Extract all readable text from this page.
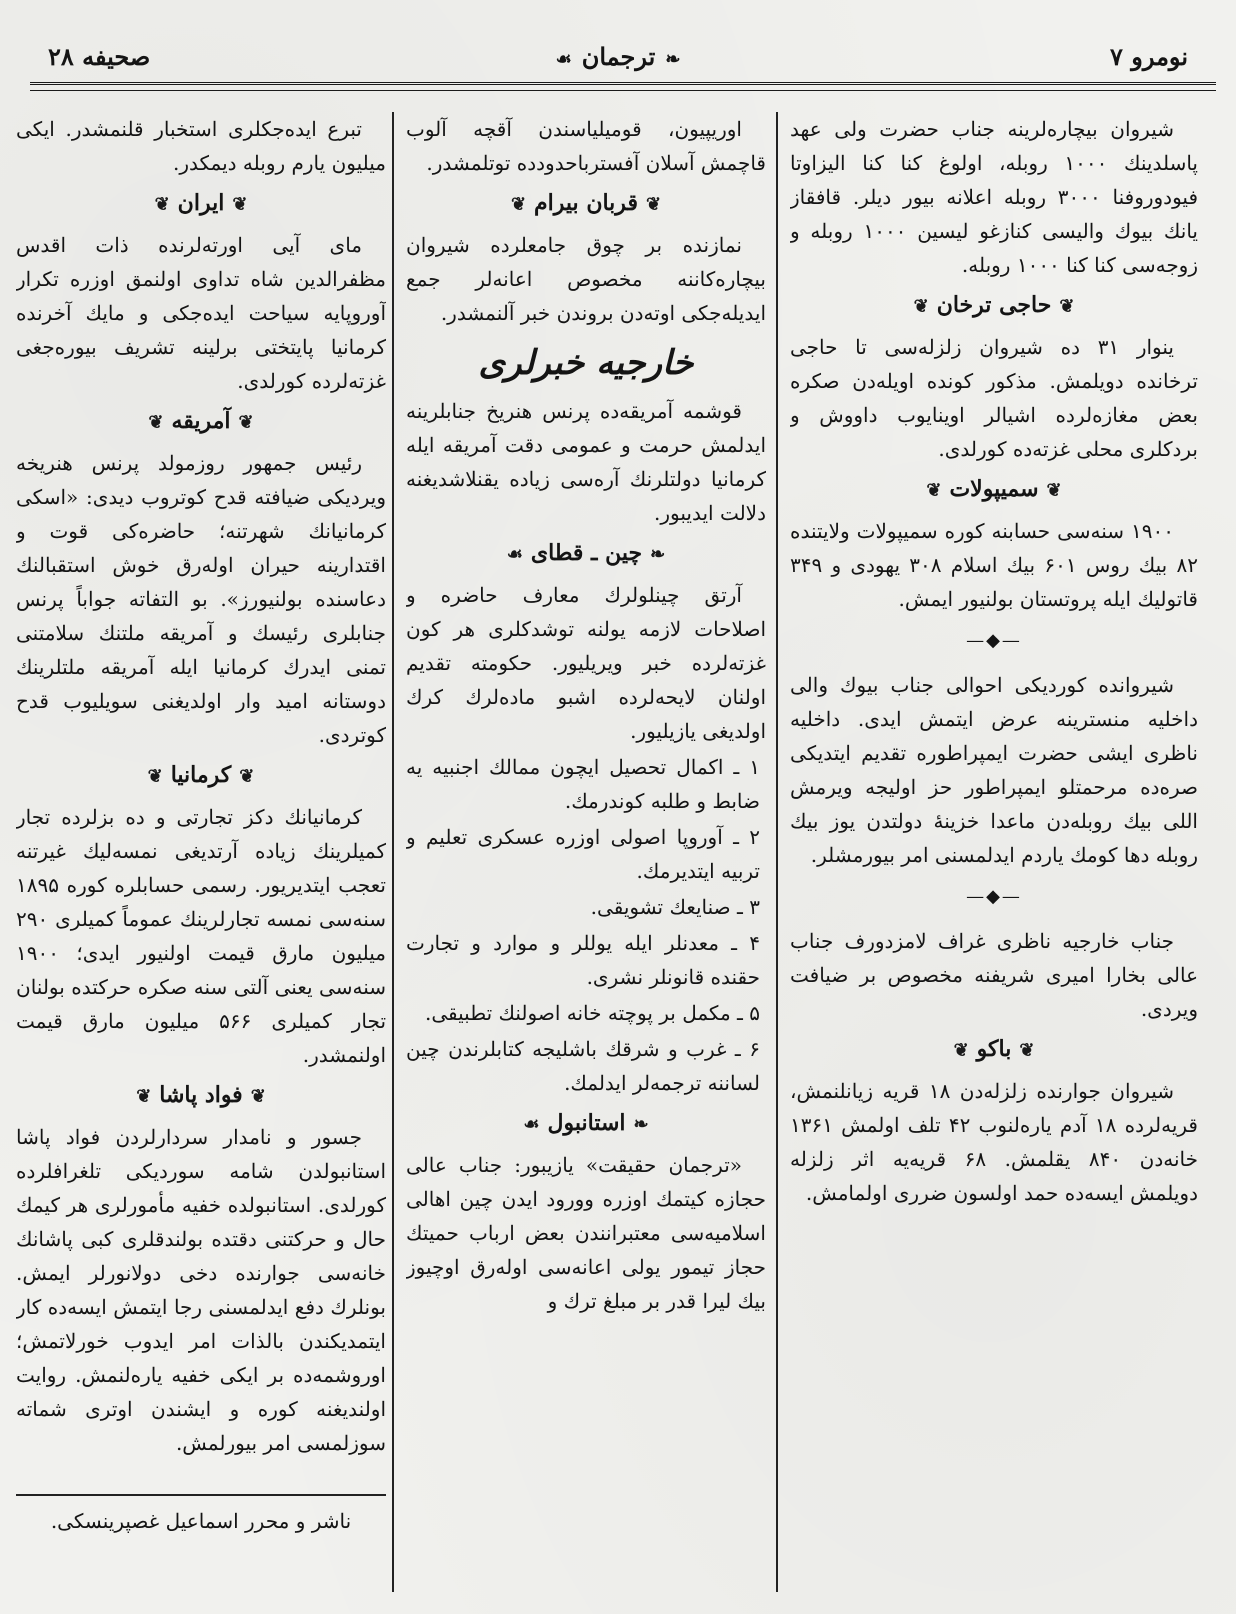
صحیفه ۲۸	❧ترجمان☙	نومرو ۷

شیروان بیچاره‌لرینه جناب حضرت ولی عهد پاسلدینك ۱۰۰۰ روبله، اولوغ کنا کنا الیزاوتا فیودوروفنا ۳۰۰۰ روبله اعلانه بیور دیلر. قافقاز یانك بیوك والیسی کنازغو لیسین ۱۰۰۰ روبله و زوجه‌سی کنا کنا ۱۰۰۰ روبله.

❦حاجی ترخان❦

ینوار ۳۱ ده شیروان زلزله‌سی تا حاجی ترخانده دویلمش. مذکور کونده اویله‌دن صکره بعض مغازه‌لرده اشیالر اوینایوب داووش و بردکلری محلی غزته‌ده کورلدی.

❦سمیپولات❦

۱۹۰۰ سنه‌سی حسابنه کوره سمیپولات ولایتنده ۸۲ بیك روس ۶۰۱ بیك اسلام ۳۰۸ یهودی و ۳۴۹ قاتولیك ایله پروتستان بولنیور ایمش.

—◆—

شیروانده کوردیکی احوالی جناب بیوك والی داخلیه منسترینه عرض ایتمش ایدی. داخلیه ناظری ایشی حضرت ایمپراطوره تقدیم ایتدیکی صره‌ده مرحمتلو ایمپراطور حز اولیجه ویرمش اللی بیك روبله‌دن ماعدا خزینهٔ دولتدن یوز بیك روبله دها کومك یاردم ایدلمسنی امر بیورمشلر.

—◆—

جناب خارجیه ناظری غراف لامزدورف جناب عالی بخارا امیری شریفنه مخصوص بر ضیافت ویردی.

❦باکو❦

شیروان جوارنده زلزله‌دن ۱۸ قریه زیانلنمش، قریه‌لرده ۱۸ آدم یاره‌لنوب ۴۲ تلف اولمش ۱۳۶۱ خانه‌دن ۸۴۰ یقلمش. ۶۸ قریه‌یه اثر زلزله دویلمش ایسه‌ده حمد اولسون ضرری اولمامش.

اوریپیون، قومیلیاسندن آقچه آلوب قاچمش آسلان آفسترباحدودده توتلمشدر.

❦قربان بیرام❦

نمازنده بر چوق جامعلرده شیروان بیچاره‌کاننه مخصوص اعانه‌لر جمع ایدیله‌جکی اوته‌دن بروندن خبر آلنمشدر.

خارجیه خبرلری

قوشمه آمریقه‌ده پرنس هنریخ جنابلرینه ایدلمش حرمت و عمومی دقت آمریقه ایله کرمانیا دولتلرنك آره‌سی زیاده یقنلاشدیغنه دلالت ایدیبور.

❧چین ـ قطای☙

آرتق چینلولرك معارف حاضره و اصلاحات لازمه یولنه توشدکلری هر کون غزته‌لرده خبر ویریلیور. حکومته تقدیم اولنان لایحه‌لرده اشبو ماده‌لرك کرك اولدیغی یازیلیور.

۱ ـ اکمال تحصیل ایچون ممالك اجنبیه یه ضابط و طلبه کوندرمك.

۲ ـ آوروپا اصولی اوزره عسکری تعلیم و تربیه ایتدیرمك.

۳ ـ صنایعك تشویقی.

۴ ـ معدنلر ایله یوللر و موارد و تجارت حقنده قانونلر نشری.

۵ ـ مکمل بر پوچته خانه اصولنك تطبیقی.

۶ ـ غرب و شرقك باشلیجه کتابلرندن چین لساننه ترجمه‌لر ایدلمك.

❧استانبول☙

«ترجمان حقیقت» یازیبور: جناب عالی حجازه کیتمك اوزره وورود ایدن چین اهالی اسلامیه‌سی معتبرانندن بعض ارباب حمیتك حجاز تیمور یولی اعانه‌سی اوله‌رق اوچیوز بیك لیرا قدر بر مبلغ ترك و

تبرع ایده‌جکلری استخبار قلنمشدر. ایکی میلیون یارم روبله دیمکدر.

❦ایران❦

مای آیی اورته‌لرنده ذات اقدس مظفرالدین شاه تداوی اولنمق اوزره تکرار آوروپایه سیاحت ایده‌جکی و مایك آخرنده کرمانیا پایتختی برلینه تشریف بیوره‌جغی غزته‌لرده کورلدی.

❦آمریقه❦

رئیس جمهور روزمولد پرنس هنریخه ویردیکی ضیافته قدح کوتروب دیدی: «اسکی کرمانیانك شهرتنه؛ حاضره‌کی قوت و اقتدارینه حیران اوله‌رق خوش استقبالنك دعاسنده بولنیورز». بو التفاته جواباً پرنس جنابلری رئیسك و آمریقه ملتنك سلامتنی تمنی ایدرك کرمانیا ایله آمریقه ملتلرینك دوستانه امید وار اولدیغنی سویلیوب قدح کوتردی.

❦کرمانیا❦

کرمانیانك دکز تجارتی و ده بزلرده تجار کمیلرینك زیاده آرتدیغی نمسه‌لیك غیرتنه تعجب ایتدیریور. رسمی حسابلره کوره ۱۸۹۵ سنه‌سی نمسه تجارلرینك عموماً کمیلری ۲۹۰ میلیون مارق قیمت اولنیور ایدی؛ ۱۹۰۰ سنه‌سی یعنی آلتی سنه صکره حرکتده بولنان تجار کمیلری ۵۶۶ میلیون مارق قیمت اولنمشدر.

❦فواد پاشا❦

جسور و نامدار سردارلردن فواد پاشا استانبولدن شامه سوردیکی تلغرافلرده کورلدی. استانبولده خفیه مأمورلری هر کیمك حال و حرکتنی دقتده بولندقلری کبی پاشانك خانه‌سی جوارنده دخی دولانورلر ایمش. بونلرك دفع ایدلمسنی رجا ایتمش ایسه‌ده کار ایتمدیکندن بالذات امر ایدوب خورلاتمش؛ اوروشمه‌ده بر ایکی خفیه یاره‌لنمش. روایت اولندیغنه کوره و ایشندن اوتری شماته سوزلمسی امر بیورلمش.

ناشر و محرر اسماعیل غصپرینسکی.
